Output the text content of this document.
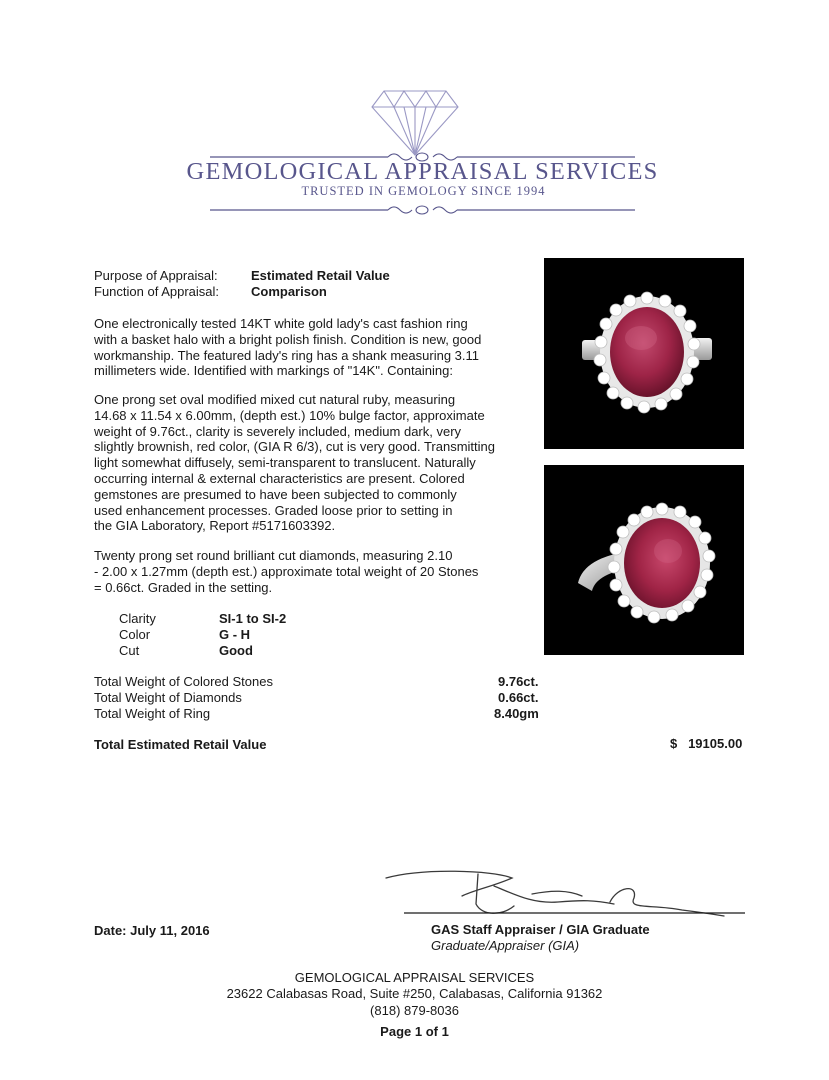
GEMOLOGICAL APPRAISAL SERVICES
TRUSTED IN GEMOLOGY SINCE 1994
Purpose of Appraisal:	Estimated Retail Value
Function of Appraisal: Comparison
One electronically tested 14KT white gold lady's cast fashion ring
with a basket halo with a bright polish finish. Condition is new, good
workmanship. The featured lady's ring has a shank measuring 3.11
millimeters wide. Identified with markings of "14K". Containing:
One prong set oval modified mixed cut natural ruby, measuring
14.68 x 11.54 x 6.00mm, (depth est.) 10% bulge factor, approximate
weight of 9.76ct., clarity is severely included, medium dark, very
slightly brownish, red color, (GIA R 6/3), cut is very good. Transmitting
light somewhat diffusely, semi-transparent to translucent. Naturally
occurring internal & external characteristics are present. Colored
gemstones are presumed to have been subjected to commonly
used enhancement processes. Graded loose prior to setting in
the GIA Laboratory, Report #5171603392.
Twenty prong set round brilliant cut diamonds, measuring 2.10
- 2.00 x 1.27mm (depth est.) approximate total weight of 20 Stones
= 0.66ct. Graded in the setting.
Clarity	SI-1 to SI-2
Color	G - H
Cut	Good
Total Weight of Colored Stones	9.76ct.
Total Weight of Diamonds	0.66ct.
Total Weight of Ring	8.40gm
Total Estimated Retail Value	$ 19105.00
Date: July 11, 2016	GAS Staff Appraiser / GIA Graduate
Graduate/Appraiser (GIA)
GEMOLOGICAL APPRAISAL SERVICES
23622 Calabasas Road, Suite #250, Calabasas, California 91362
(818) 879-8036
Page 1 of 1
